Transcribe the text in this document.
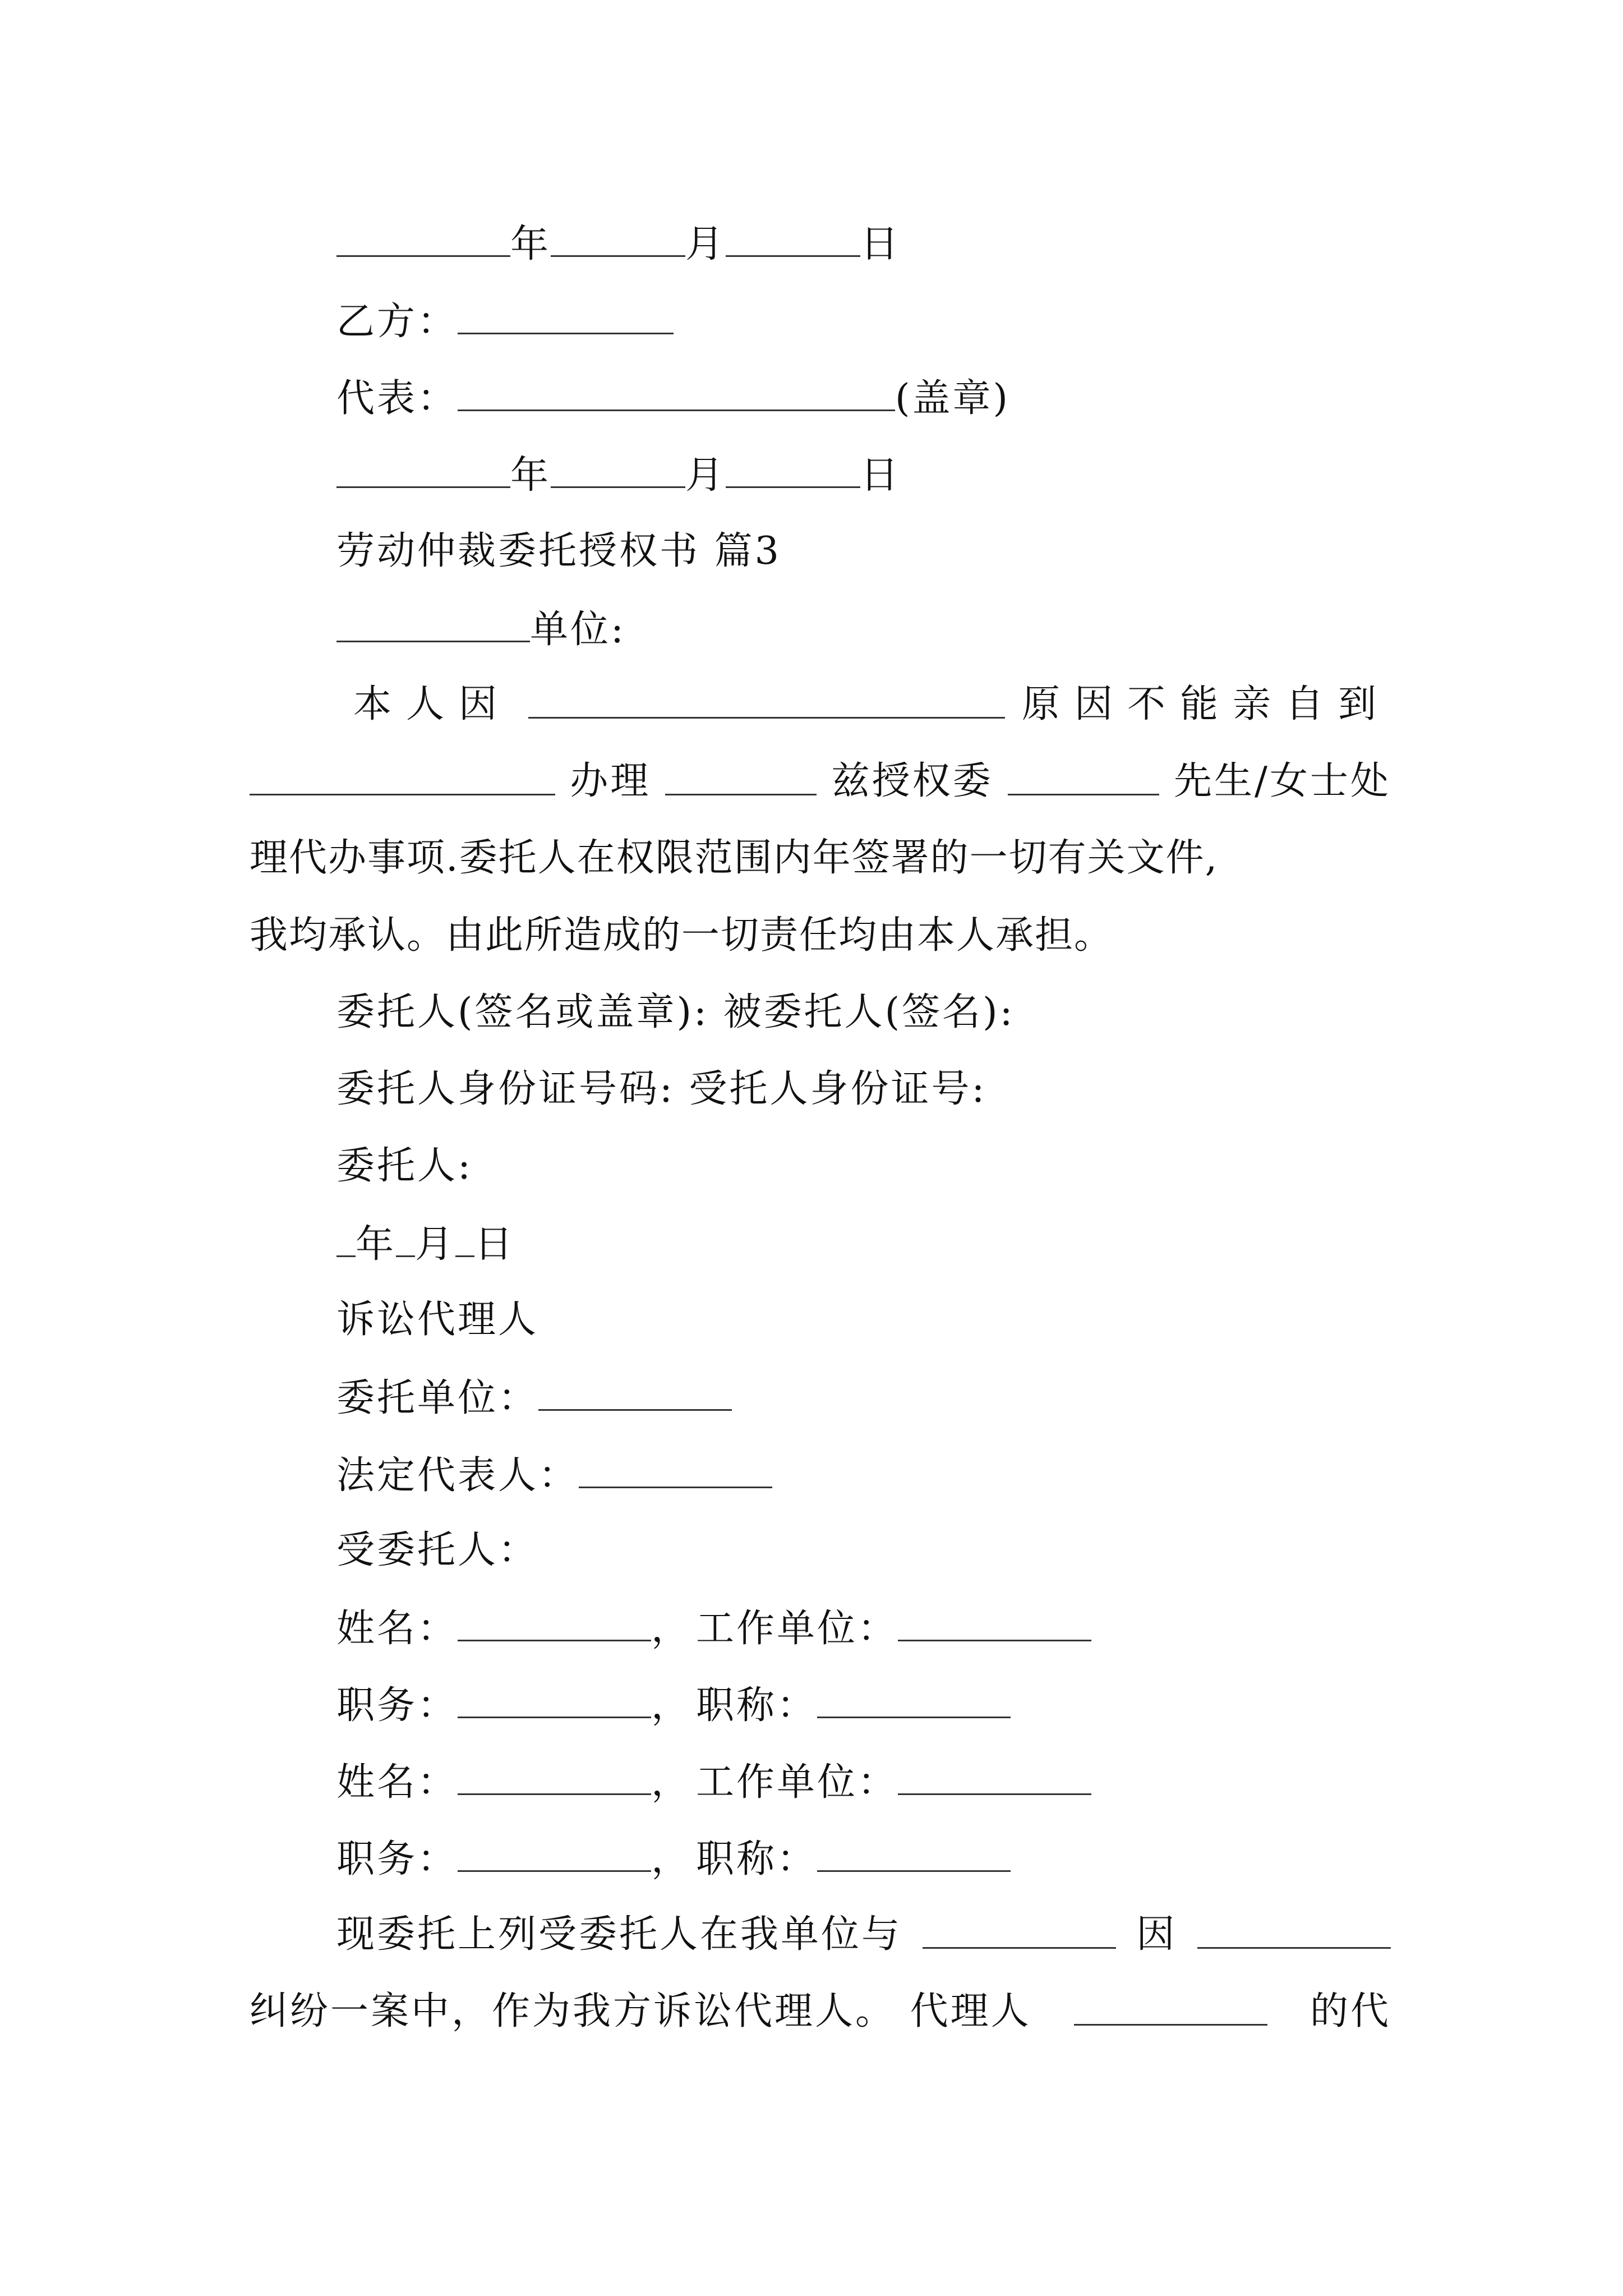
年	月	日
乙方：
代表：	(盖章)
年	月	日
劳动仲裁委托授权书 篇3
单位:
本人因	原因不能亲自到
办理	兹授权委	先生/女士处
理代办事项.委托人在权限范围内年签署的一切有关文件,
我均承认。由此所造成的一切责任均由本人承担。
委托人(签名或盖章): 被委托人(签名):
委托人身份证号码: 受托人身份证号:
委托人:
年 月 日
诉讼代理人
委托单位：
法定代表人：
受委托人：
姓名：	， 工作单位：
职务：	， 职称：
姓名：	， 工作单位：
职务：	， 职称：
现委托上列受委托人在我单位与	因
纠纷一案中，作为我方诉讼代理人。 代理人	的代
